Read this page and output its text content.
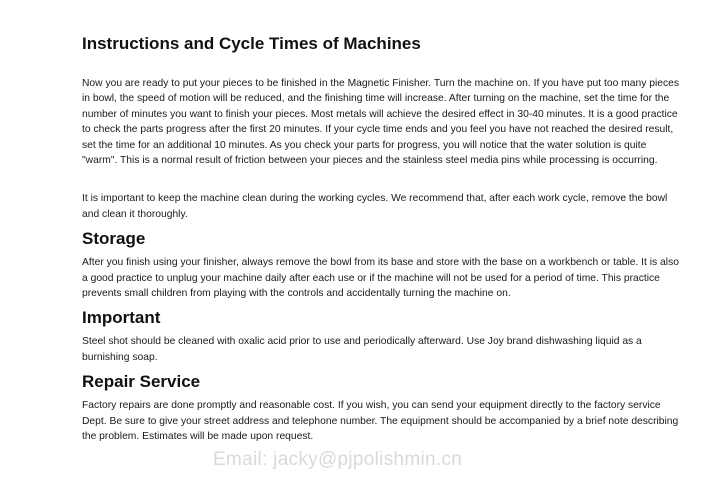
Instructions and Cycle Times of Machines

Now you are ready to put your pieces to be finished in the Magnetic Finisher. Turn the machine on. If you have put too many pieces in bowl, the speed of motion will be reduced, and the finishing time will increase. After turning on the machine, set the time for the number of minutes you want to finish your pieces. Most metals will achieve the desired effect in 30-40 minutes. It is a good practice to check the parts progress after the first 20 minutes. If your cycle time ends and you feel you have not reached the desired result, set the time for an additional 10 minutes. As you check your parts for progress, you will notice that the water solution is quite "warm". This is a normal result of friction between your pieces and the stainless steel media pins while processing is occurring.

It is important to keep the machine clean during the working cycles. We recommend that, after each work cycle, remove the bowl and clean it thoroughly.

Storage

After you finish using your finisher, always remove the bowl from its base and store with the base on a workbench or table. It is also a good practice to unplug your machine daily after each use or if the machine will not be used for a period of time. This practice prevents small children from playing with the controls and accidentally turning the machine on.

Important

Steel shot should be cleaned with oxalic acid prior to use and periodically afterward. Use Joy brand dishwashing liquid as a burnishing soap.

Repair Service

Factory repairs are done promptly and reasonable cost. If you wish, you can send your equipment directly to the factory service Dept. Be sure to give your street address and telephone number. The equipment should be accompanied by a brief note describing the problem. Estimates will be made upon request.

Email: jacky@pjpolishmin.cn
